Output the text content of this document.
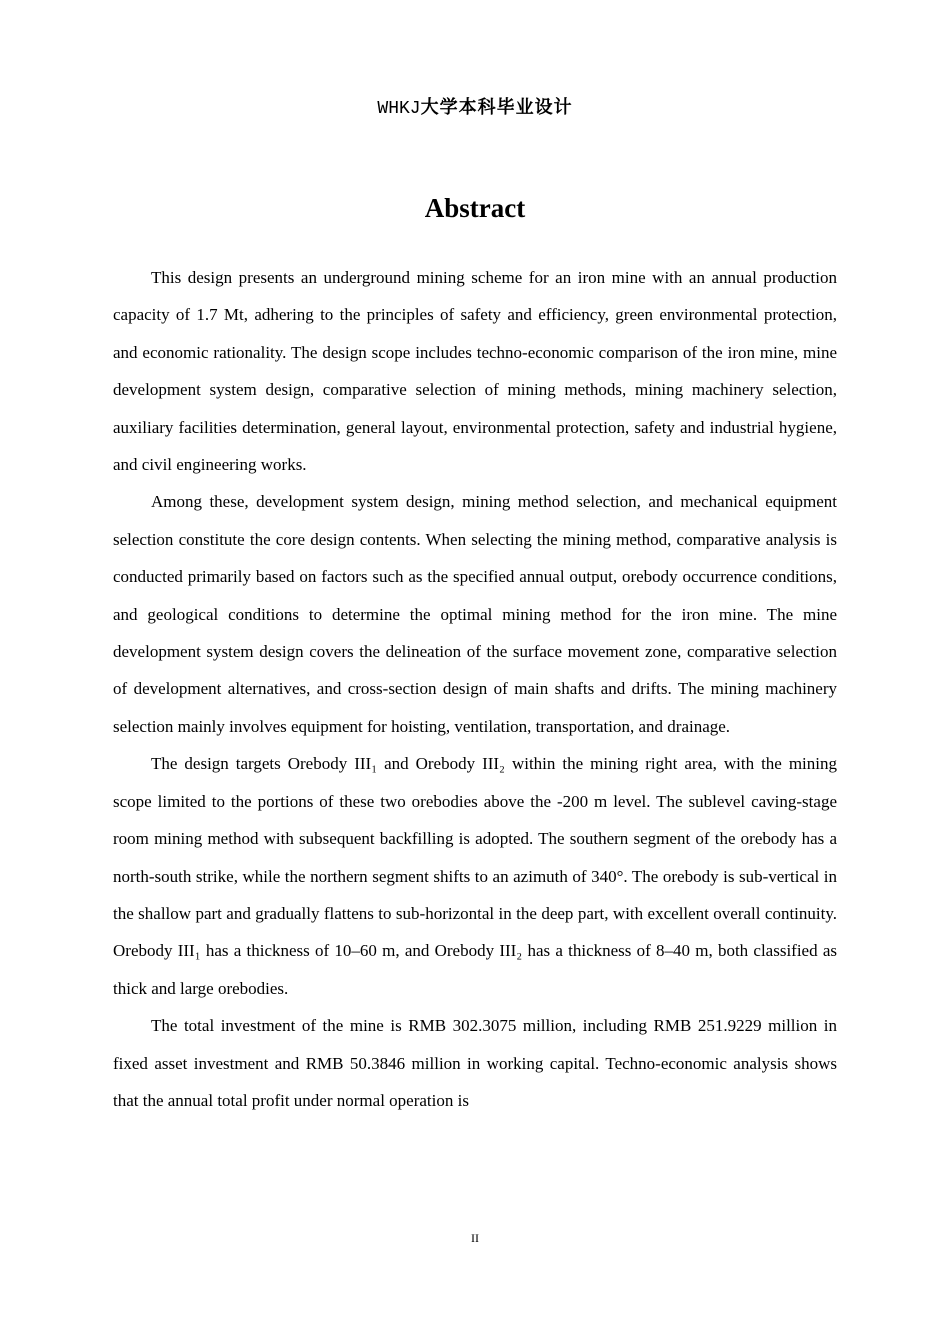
WHKJ大学本科毕业设计
Abstract

This design presents an underground mining scheme for an iron mine with an annual production capacity of 1.7 Mt, adhering to the principles of safety and efficiency, green environmental protection, and economic rationality. The design scope includes techno-economic comparison of the iron mine, mine development system design, comparative selection of mining methods, mining machinery selection, auxiliary facilities determination, general layout, environmental protection, safety and industrial hygiene, and civil engineering works.

Among these, development system design, mining method selection, and mechanical equipment selection constitute the core design contents. When selecting the mining method, comparative analysis is conducted primarily based on factors such as the specified annual output, orebody occurrence conditions, and geological conditions to determine the optimal mining method for the iron mine. The mine development system design covers the delineation of the surface movement zone, comparative selection of development alternatives, and cross-section design of main shafts and drifts. The mining machinery selection mainly involves equipment for hoisting, ventilation, transportation, and drainage.

The design targets Orebody III₁ and Orebody III₂ within the mining right area, with the mining scope limited to the portions of these two orebodies above the -200 m level. The sublevel caving-stage room mining method with subsequent backfilling is adopted. The southern segment of the orebody has a north-south strike, while the northern segment shifts to an azimuth of 340°. The orebody is sub-vertical in the shallow part and gradually flattens to sub-horizontal in the deep part, with excellent overall continuity. Orebody III₁ has a thickness of 10–60 m, and Orebody III₂ has a thickness of 8–40 m, both classified as thick and large orebodies.

The total investment of the mine is RMB 302.3075 million, including RMB 251.9229 million in fixed asset investment and RMB 50.3846 million in working capital. Techno-economic analysis shows that the annual total profit under normal operation is

II
